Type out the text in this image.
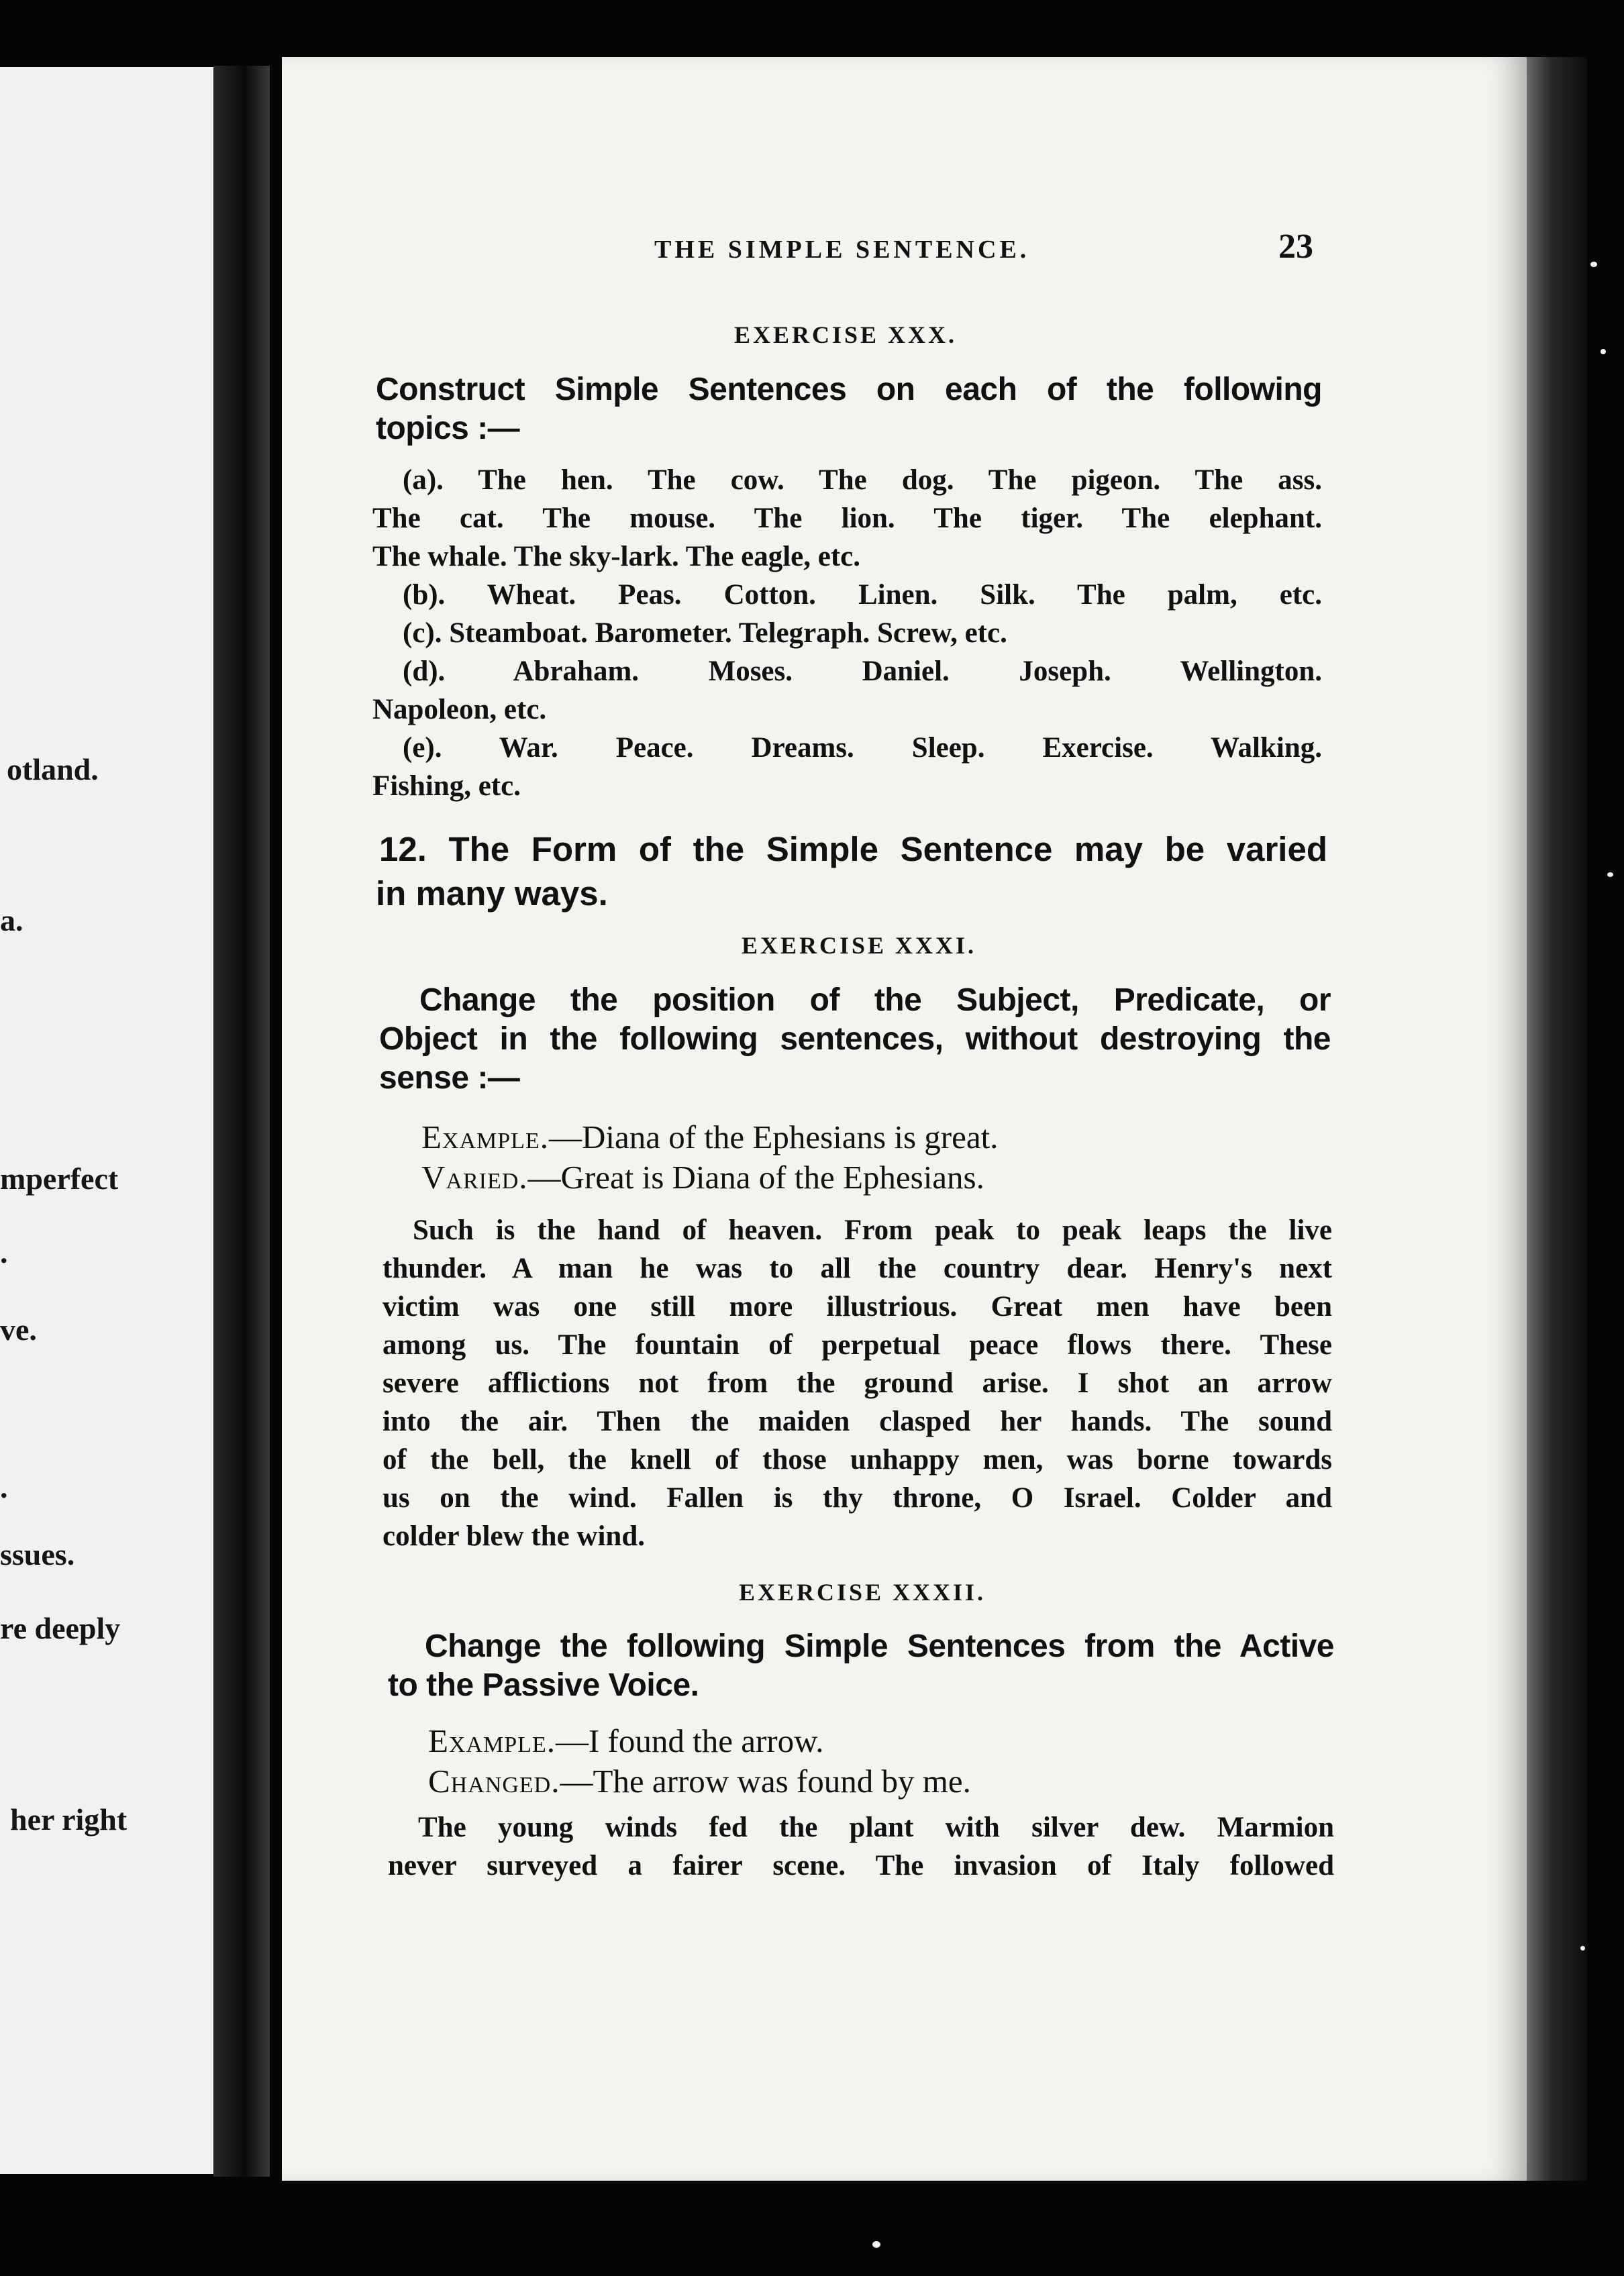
otland.
a.
mperfect
.
ve.
.
ssues.
re deeply
her right
THE SIMPLE SENTENCE.	23
EXERCISE XXX.
Construct Simple Sentences on each of the following
topics :—
(a). The hen. The cow. The dog. The pigeon. The ass.
The cat. The mouse. The lion. The tiger. The elephant.
The whale. The sky-lark. The eagle, etc.
(b). Wheat. Peas. Cotton. Linen. Silk. The palm, etc.
(c). Steamboat. Barometer. Telegraph. Screw, etc.
(d). Abraham. Moses. Daniel. Joseph. Wellington.
Napoleon, etc.
(e). War. Peace. Dreams. Sleep. Exercise. Walking.
Fishing, etc.
12. The Form of the Simple Sentence may be varied
in many ways.
EXERCISE XXXI.
Change the position of the Subject, Predicate, or
Object in the following sentences, without destroying the
sense :—
Example.—Diana of the Ephesians is great.
Varied.—Great is Diana of the Ephesians.
Such is the hand of heaven. From peak to peak leaps the live
thunder. A man he was to all the country dear. Henry's next
victim was one still more illustrious. Great men have been
among us. The fountain of perpetual peace flows there. These
severe afflictions not from the ground arise. I shot an arrow
into the air. Then the maiden clasped her hands. The sound
of the bell, the knell of those unhappy men, was borne towards
us on the wind. Fallen is thy throne, O Israel. Colder and
colder blew the wind.
EXERCISE XXXII.
Change the following Simple Sentences from the Active
to the Passive Voice.
Example.—I found the arrow.
Changed.—The arrow was found by me.
The young winds fed the plant with silver dew. Marmion
never surveyed a fairer scene. The invasion of Italy followed
